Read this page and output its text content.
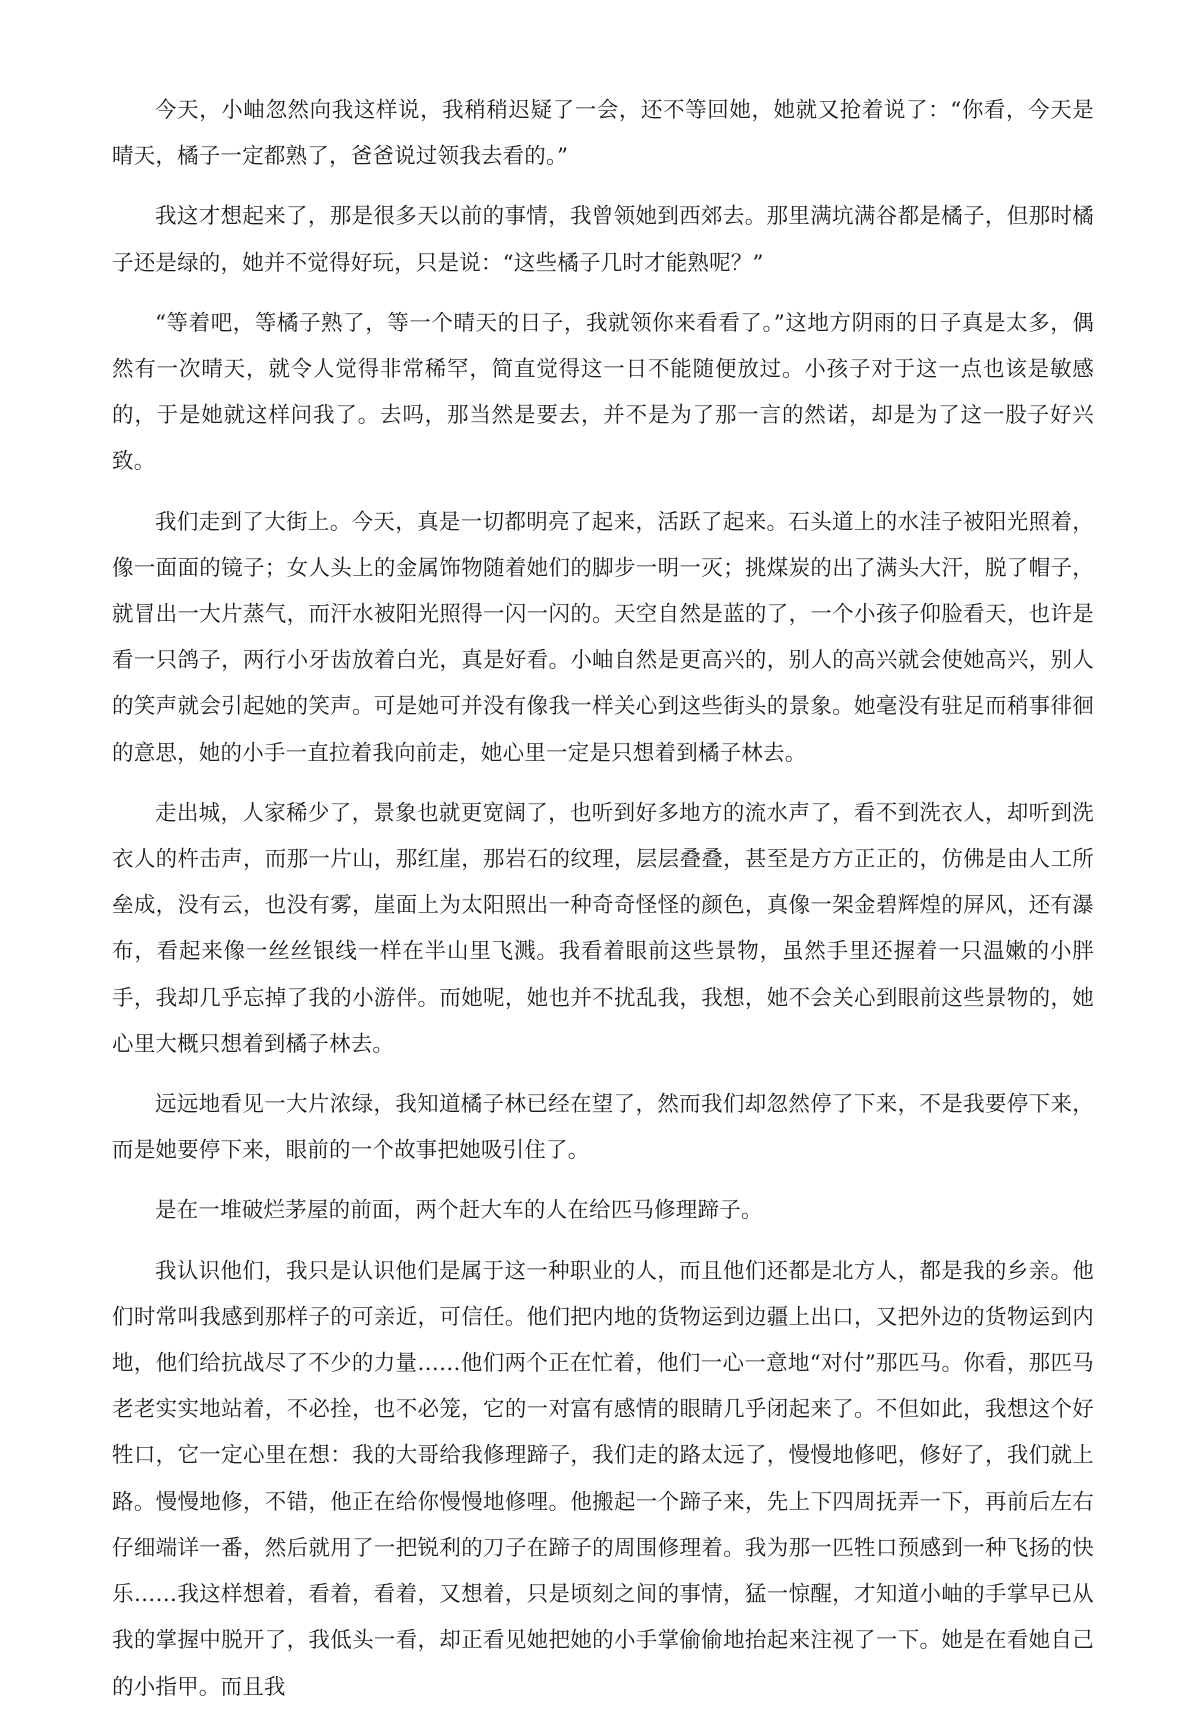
今天，小岫忽然向我这样说，我稍稍迟疑了一会，还不等回她，她就又抢着说了：“你看，今天是晴天，橘子一定都熟了，爸爸说过领我去看的。”

我这才想起来了，那是很多天以前的事情，我曾领她到西郊去。那里满坑满谷都是橘子，但那时橘子还是绿的，她并不觉得好玩，只是说：“这些橘子几时才能熟呢？”

“等着吧，等橘子熟了，等一个晴天的日子，我就领你来看看了。”这地方阴雨的日子真是太多，偶然有一次晴天，就令人觉得非常稀罕，简直觉得这一日不能随便放过。小孩子对于这一点也该是敏感的，于是她就这样问我了。去吗，那当然是要去，并不是为了那一言的然诺，却是为了这一股子好兴致。

我们走到了大街上。今天，真是一切都明亮了起来，活跃了起来。石头道上的水洼子被阳光照着，像一面面的镜子；女人头上的金属饰物随着她们的脚步一明一灭；挑煤炭的出了满头大汗，脱了帽子，就冒出一大片蒸气，而汗水被阳光照得一闪一闪的。天空自然是蓝的了，一个小孩子仰脸看天，也许是看一只鸽子，两行小牙齿放着白光，真是好看。小岫自然是更高兴的，别人的高兴就会使她高兴，别人的笑声就会引起她的笑声。可是她可并没有像我一样关心到这些街头的景象。她毫没有驻足而稍事徘徊的意思，她的小手一直拉着我向前走，她心里一定是只想着到橘子林去。

走出城，人家稀少了，景象也就更宽阔了，也听到好多地方的流水声了，看不到洗衣人，却听到洗衣人的杵击声，而那一片山，那红崖，那岩石的纹理，层层叠叠，甚至是方方正正的，仿佛是由人工所垒成，没有云，也没有雾，崖面上为太阳照出一种奇奇怪怪的颜色，真像一架金碧辉煌的屏风，还有瀑布，看起来像一丝丝银线一样在半山里飞溅。我看着眼前这些景物，虽然手里还握着一只温嫩的小胖手，我却几乎忘掉了我的小游伴。而她呢，她也并不扰乱我，我想，她不会关心到眼前这些景物的，她心里大概只想着到橘子林去。

远远地看见一大片浓绿，我知道橘子林已经在望了，然而我们却忽然停了下来，不是我要停下来，而是她要停下来，眼前的一个故事把她吸引住了。

是在一堆破烂茅屋的前面，两个赶大车的人在给匹马修理蹄子。

我认识他们，我只是认识他们是属于这一种职业的人，而且他们还都是北方人，都是我的乡亲。他们时常叫我感到那样子的可亲近，可信任。他们把内地的货物运到边疆上出口，又把外边的货物运到内地，他们给抗战尽了不少的力量……他们两个正在忙着，他们一心一意地“对付”那匹马。你看，那匹马老老实实地站着，不必拴，也不必笼，它的一对富有感情的眼睛几乎闭起来了。不但如此，我想这个好牲口，它一定心里在想：我的大哥给我修理蹄子，我们走的路太远了，慢慢地修吧，修好了，我们就上路。慢慢地修，不错，他正在给你慢慢地修哩。他搬起一个蹄子来，先上下四周抚弄一下，再前后左右仔细端详一番，然后就用了一把锐利的刀子在蹄子的周围修理着。我为那一匹牲口预感到一种飞扬的快乐……我这样想着，看着，看着，又想着，只是顷刻之间的事情，猛一惊醒，才知道小岫的手掌早已从我的掌握中脱开了，我低头一看，却正看见她把她的小手掌偷偷地抬起来注视了一下。她是在看她自己的小指甲。而且我
